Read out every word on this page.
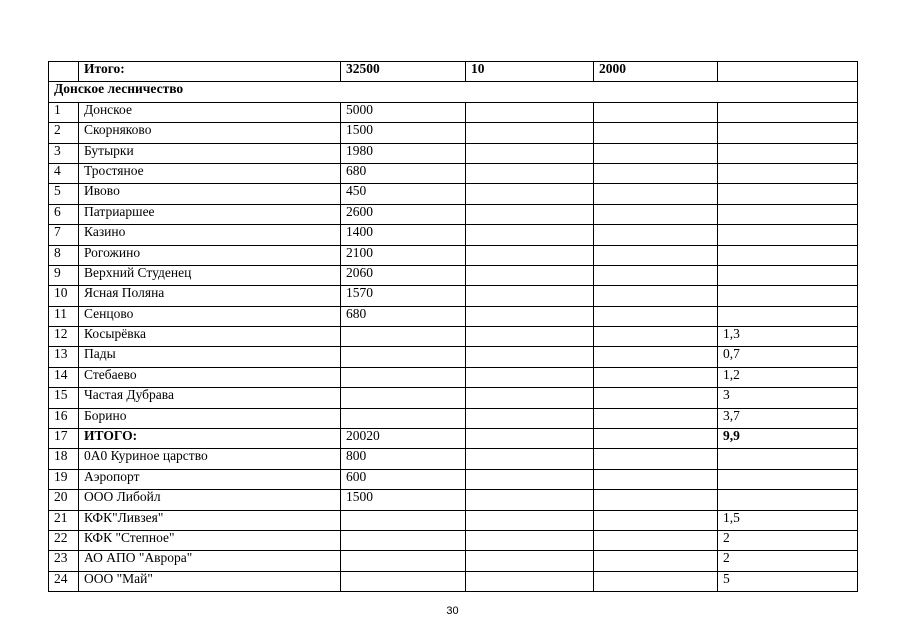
	Итого:	32500	10	2000	
Донское лесничество					
1	Донское	5000			
2	Скорняково	1500			
3	Бутырки	1980			
4	Тростяное	680			
5	Ивово	450			
6	Патриаршее	2600			
7	Казино	1400			
8	Рогожино	2100			
9	Верхний Студенец	2060			
10	Ясная Поляна	1570			
11	Сенцово	680			
12	Косырёвка				1,3
13	Пады				0,7
14	Стебаево				1,2
15	Частая Дубрава				3
16	Борино				3,7
17	ИТОГО:	20020			9,9
18	0А0 Куриное царство	800			
19	Аэропорт	600			
20	ООО Либойл	1500			
21	КФК"Ливзея"				1,5
22	КФК "Степное"				2
23	АО АПО "Аврора"				2
24	ООО "Май"				5
30
